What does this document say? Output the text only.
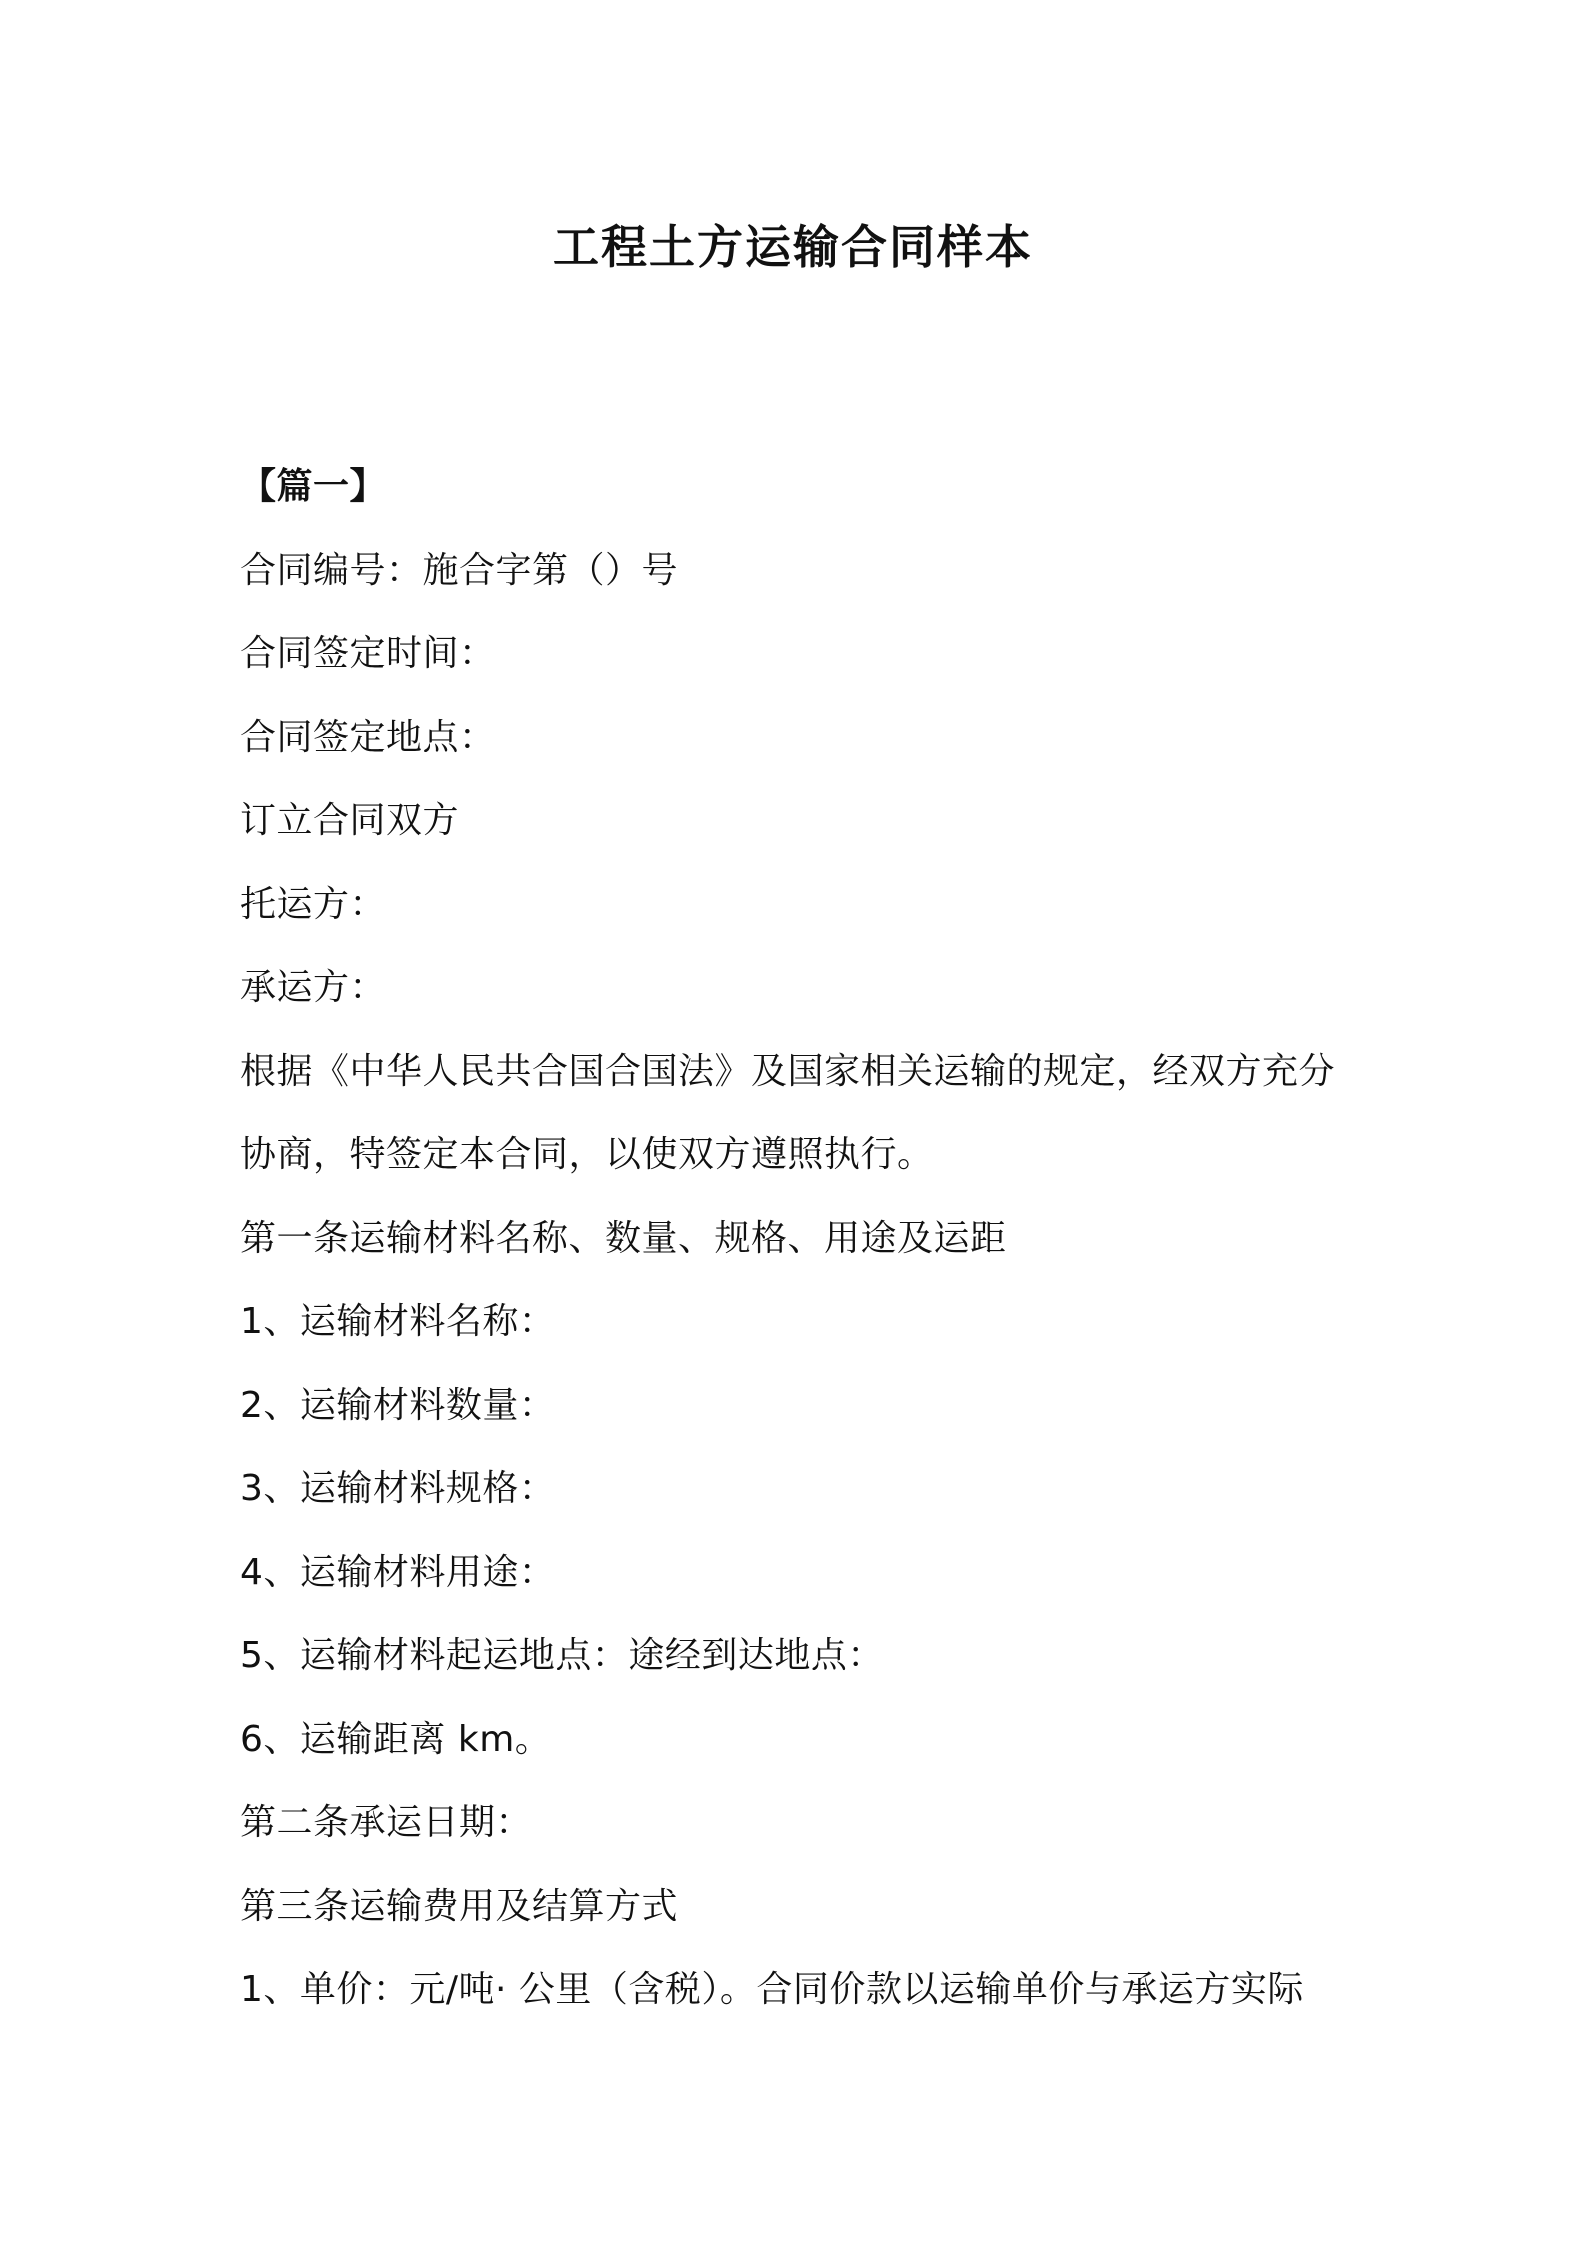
工程土方运输合同样本
【篇一】
合同编号：施合字第（）号
合同签定时间：
合同签定地点：
订立合同双方
托运方：
承运方：
根据《中华人民共合国合国法》及国家相关运输的规定，经双方充分
协商，特签定本合同，以使双方遵照执行。
第一条运输材料名称、数量、规格、用途及运距
1、运输材料名称：
2、运输材料数量：
3、运输材料规格：
4、运输材料用途：
5、运输材料起运地点：途经到达地点：
6、运输距离 km。
第二条承运日期：
第三条运输费用及结算方式
1、单价：元/吨· 公里（含税）。合同价款以运输单价与承运方实际
